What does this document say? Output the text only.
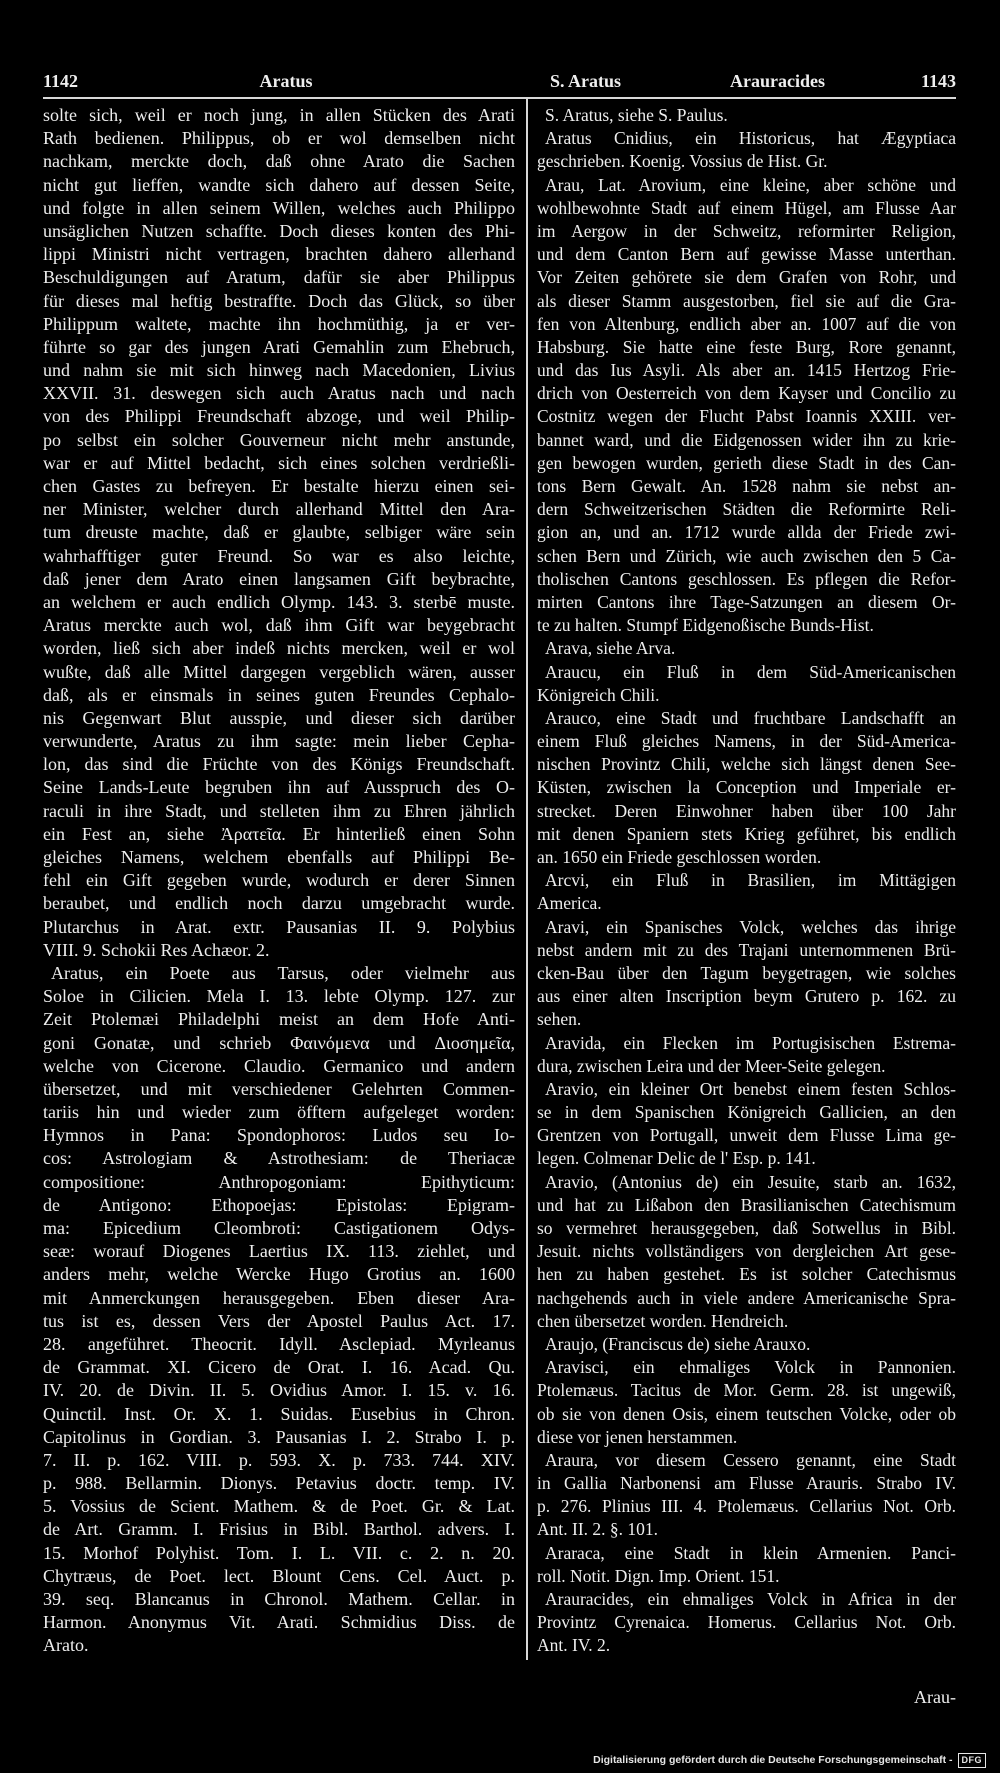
1142	Aratus	S. Aratus	Arauracides	1143
solte sich, weil er noch jung, in allen Stücken des Arati
Rath bedienen. Philippus, ob er wol demselben nicht
nachkam, merckte doch, daß ohne Arato die Sachen
nicht gut lieffen, wandte sich dahero auf dessen Seite,
und folgte in allen seinem Willen, welches auch Philippo
unsäglichen Nutzen schaffte. Doch dieses konten des Phi-
lippi Ministri nicht vertragen, brachten dahero allerhand
Beschuldigungen auf Aratum, dafür sie aber Philippus
für dieses mal heftig bestraffte. Doch das Glück, so über
Philippum waltete, machte ihn hochmüthig, ja er ver-
führte so gar des jungen Arati Gemahlin zum Ehebruch,
und nahm sie mit sich hinweg nach Macedonien, Livius
XXVII. 31. deswegen sich auch Aratus nach und nach
von des Philippi Freundschaft abzoge, und weil Philip-
po selbst ein solcher Gouverneur nicht mehr anstunde,
war er auf Mittel bedacht, sich eines solchen verdrießli-
chen Gastes zu befreyen. Er bestalte hierzu einen sei-
ner Minister, welcher durch allerhand Mittel den Ara-
tum dreuste machte, daß er glaubte, selbiger wäre sein
wahrhafftiger guter Freund. So war es also leichte,
daß jener dem Arato einen langsamen Gift beybrachte,
an welchem er auch endlich Olymp. 143. 3. sterbē muste.
Aratus merckte auch wol, daß ihm Gift war beygebracht
worden, ließ sich aber indeß nichts mercken, weil er wol
wußte, daß alle Mittel dargegen vergeblich wären, ausser
daß, als er einsmals in seines guten Freundes Cephalo-
nis Gegenwart Blut ausspie, und dieser sich darüber
verwunderte, Aratus zu ihm sagte: mein lieber Cepha-
lon, das sind die Früchte von des Königs Freundschaft.
Seine Lands-Leute begruben ihn auf Ausspruch des O-
raculi in ihre Stadt, und stelleten ihm zu Ehren jährlich
ein Fest an, siehe Ἀρατεῖα. Er hinterließ einen Sohn
gleiches Namens, welchem ebenfalls auf Philippi Be-
fehl ein Gift gegeben wurde, wodurch er derer Sinnen
beraubet, und endlich noch darzu umgebracht wurde.
Plutarchus in Arat. extr. Pausanias II. 9. Polybius
VIII. 9. Schokii Res Achæor. 2.
Aratus, ein Poete aus Tarsus, oder vielmehr aus
Soloe in Cilicien. Mela I. 13. lebte Olymp. 127. zur
Zeit Ptolemæi Philadelphi meist an dem Hofe Anti-
goni Gonatæ, und schrieb Φαινόμενα und Διοσημεῖα,
welche von Cicerone. Claudio. Germanico und andern
übersetzet, und mit verschiedener Gelehrten Commen-
tariis hin und wieder zum öfftern aufgeleget worden:
Hymnos in Pana: Spondophoros: Ludos seu Io-
cos: Astrologiam & Astrothesiam: de Theriacæ
compositione: Anthropogoniam: Epithyticum:
de Antigono: Ethopoejas: Epistolas: Epigram-
ma: Epicedium Cleombroti: Castigationem Odys-
seæ: worauf Diogenes Laertius IX. 113. ziehlet, und
anders mehr, welche Wercke Hugo Grotius an. 1600
mit Anmerckungen herausgegeben. Eben dieser Ara-
tus ist es, dessen Vers der Apostel Paulus Act. 17.
28. angeführet. Theocrit. Idyll. Asclepiad. Myrleanus
de Grammat. XI. Cicero de Orat. I. 16. Acad. Qu.
IV. 20. de Divin. II. 5. Ovidius Amor. I. 15. v. 16.
Quinctil. Inst. Or. X. 1. Suidas. Eusebius in Chron.
Capitolinus in Gordian. 3. Pausanias I. 2. Strabo I. p.
7. II. p. 162. VIII. p. 593. X. p. 733. 744. XIV.
p. 988. Bellarmin. Dionys. Petavius doctr. temp. IV.
5. Vossius de Scient. Mathem. & de Poet. Gr. & Lat.
de Art. Gramm. I. Frisius in Bibl. Barthol. advers. I.
15. Morhof Polyhist. Tom. I. L. VII. c. 2. n. 20.
Chytræus, de Poet. lect. Blount Cens. Cel. Auct. p.
39. seq. Blancanus in Chronol. Mathem. Cellar. in
Harmon. Anonymus Vit. Arati. Schmidius Diss. de
Arato.
S. Aratus, siehe S. Paulus.
Aratus Cnidius, ein Historicus, hat Ægyptiaca
geschrieben. Koenig. Vossius de Hist. Gr.
Arau, Lat. Arovium, eine kleine, aber schöne und
wohlbewohnte Stadt auf einem Hügel, am Flusse Aar
im Aergow in der Schweitz, reformirter Religion,
und dem Canton Bern auf gewisse Masse unterthan.
Vor Zeiten gehörete sie dem Grafen von Rohr, und
als dieser Stamm ausgestorben, fiel sie auf die Gra-
fen von Altenburg, endlich aber an. 1007 auf die von
Habsburg. Sie hatte eine feste Burg, Rore genannt,
und das Ius Asyli. Als aber an. 1415 Hertzog Frie-
drich von Oesterreich von dem Kayser und Concilio zu
Costnitz wegen der Flucht Pabst Ioannis XXIII. ver-
bannet ward, und die Eidgenossen wider ihn zu krie-
gen bewogen wurden, gerieth diese Stadt in des Can-
tons Bern Gewalt. An. 1528 nahm sie nebst an-
dern Schweitzerischen Städten die Reformirte Reli-
gion an, und an. 1712 wurde allda der Friede zwi-
schen Bern und Zürich, wie auch zwischen den 5 Ca-
tholischen Cantons geschlossen. Es pflegen die Refor-
mirten Cantons ihre Tage-Satzungen an diesem Or-
te zu halten. Stumpf Eidgenoßische Bunds-Hist.
Arava, siehe Arva.
Araucu, ein Fluß in dem Süd-Americanischen
Königreich Chili.
Arauco, eine Stadt und fruchtbare Landschafft an
einem Fluß gleiches Namens, in der Süd-America-
nischen Provintz Chili, welche sich längst denen See-
Küsten, zwischen la Conception und Imperiale er-
strecket. Deren Einwohner haben über 100 Jahr
mit denen Spaniern stets Krieg geführet, bis endlich
an. 1650 ein Friede geschlossen worden.
Arcvi, ein Fluß in Brasilien, im Mittägigen
America.
Aravi, ein Spanisches Volck, welches das ihrige
nebst andern mit zu des Trajani unternommenen Brü-
cken-Bau über den Tagum beygetragen, wie solches
aus einer alten Inscription beym Grutero p. 162. zu
sehen.
Aravida, ein Flecken im Portugisischen Estrema-
dura, zwischen Leira und der Meer-Seite gelegen.
Aravio, ein kleiner Ort benebst einem festen Schlos-
se in dem Spanischen Königreich Gallicien, an den
Grentzen von Portugall, unweit dem Flusse Lima ge-
legen. Colmenar Delic de l' Esp. p. 141.
Aravio, (Antonius de) ein Jesuite, starb an. 1632,
und hat zu Lißabon den Brasilianischen Catechismum
so vermehret herausgegeben, daß Sotwellus in Bibl.
Jesuit. nichts vollständigers von dergleichen Art gese-
hen zu haben gestehet. Es ist solcher Catechismus
nachgehends auch in viele andere Americanische Spra-
chen übersetzet worden. Hendreich.
Araujo, (Franciscus de) siehe Arauxo.
Aravisci, ein ehmaliges Volck in Pannonien.
Ptolemæus. Tacitus de Mor. Germ. 28. ist ungewiß,
ob sie von denen Osis, einem teutschen Volcke, oder ob
diese vor jenen herstammen.
Araura, vor diesem Cessero genannt, eine Stadt
in Gallia Narbonensi am Flusse Arauris. Strabo IV.
p. 276. Plinius III. 4. Ptolemæus. Cellarius Not. Orb.
Ant. II. 2. §. 101.
Araraca, eine Stadt in klein Armenien. Panci-
roll. Notit. Dign. Imp. Orient. 151.
Arauracides, ein ehmaliges Volck in Africa in der
Provintz Cyrenaica. Homerus. Cellarius Not. Orb.
Ant. IV. 2.
Arau-
Digitalisierung gefördert durch die Deutsche Forschungsgemeinschaft -	DFG
